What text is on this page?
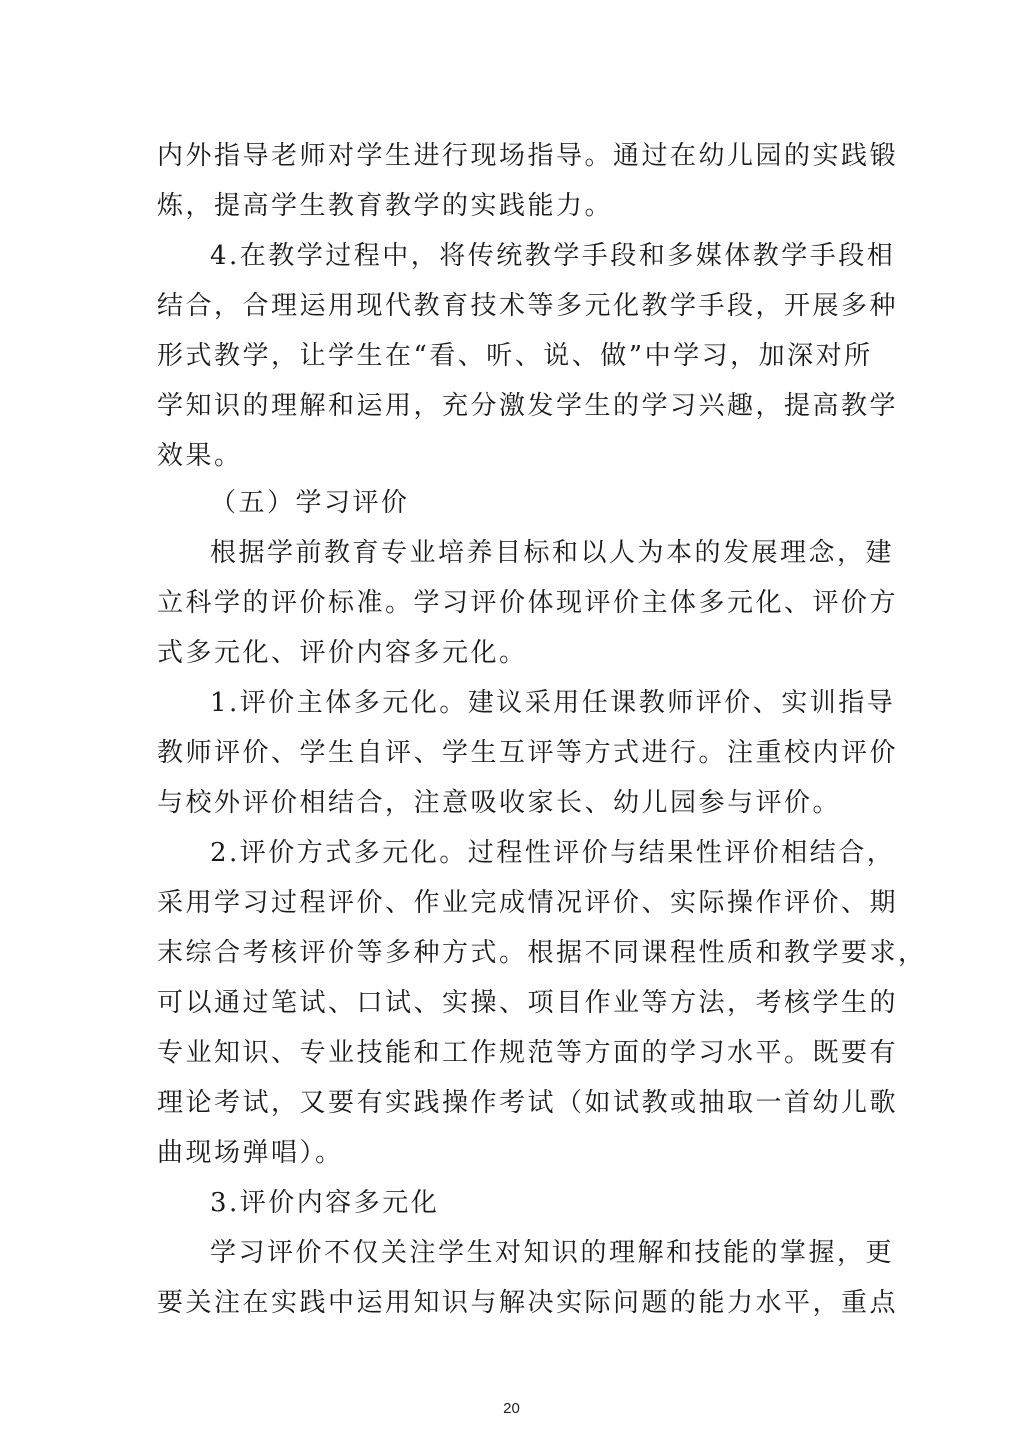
内外指导老师对学生进行现场指导。通过在幼儿园的实践锻
炼，提高学生教育教学的实践能力。
4.在教学过程中，将传统教学手段和多媒体教学手段相
结合，合理运用现代教育技术等多元化教学手段，开展多种
形式教学，让学生在“看、听、说、做”中学习，加深对所
学知识的理解和运用，充分激发学生的学习兴趣，提高教学
效果。
（五）学习评价
根据学前教育专业培养目标和以人为本的发展理念，建
立科学的评价标准。学习评价体现评价主体多元化、评价方
式多元化、评价内容多元化。
1.评价主体多元化。建议采用任课教师评价、实训指导
教师评价、学生自评、学生互评等方式进行。注重校内评价
与校外评价相结合，注意吸收家长、幼儿园参与评价。
2.评价方式多元化。过程性评价与结果性评价相结合，
采用学习过程评价、作业完成情况评价、实际操作评价、期
末综合考核评价等多种方式。根据不同课程性质和教学要求，
可以通过笔试、口试、实操、项目作业等方法，考核学生的
专业知识、专业技能和工作规范等方面的学习水平。既要有
理论考试，又要有实践操作考试（如试教或抽取一首幼儿歌
曲现场弹唱）。
3.评价内容多元化
学习评价不仅关注学生对知识的理解和技能的掌握，更
要关注在实践中运用知识与解决实际问题的能力水平，重点
20
